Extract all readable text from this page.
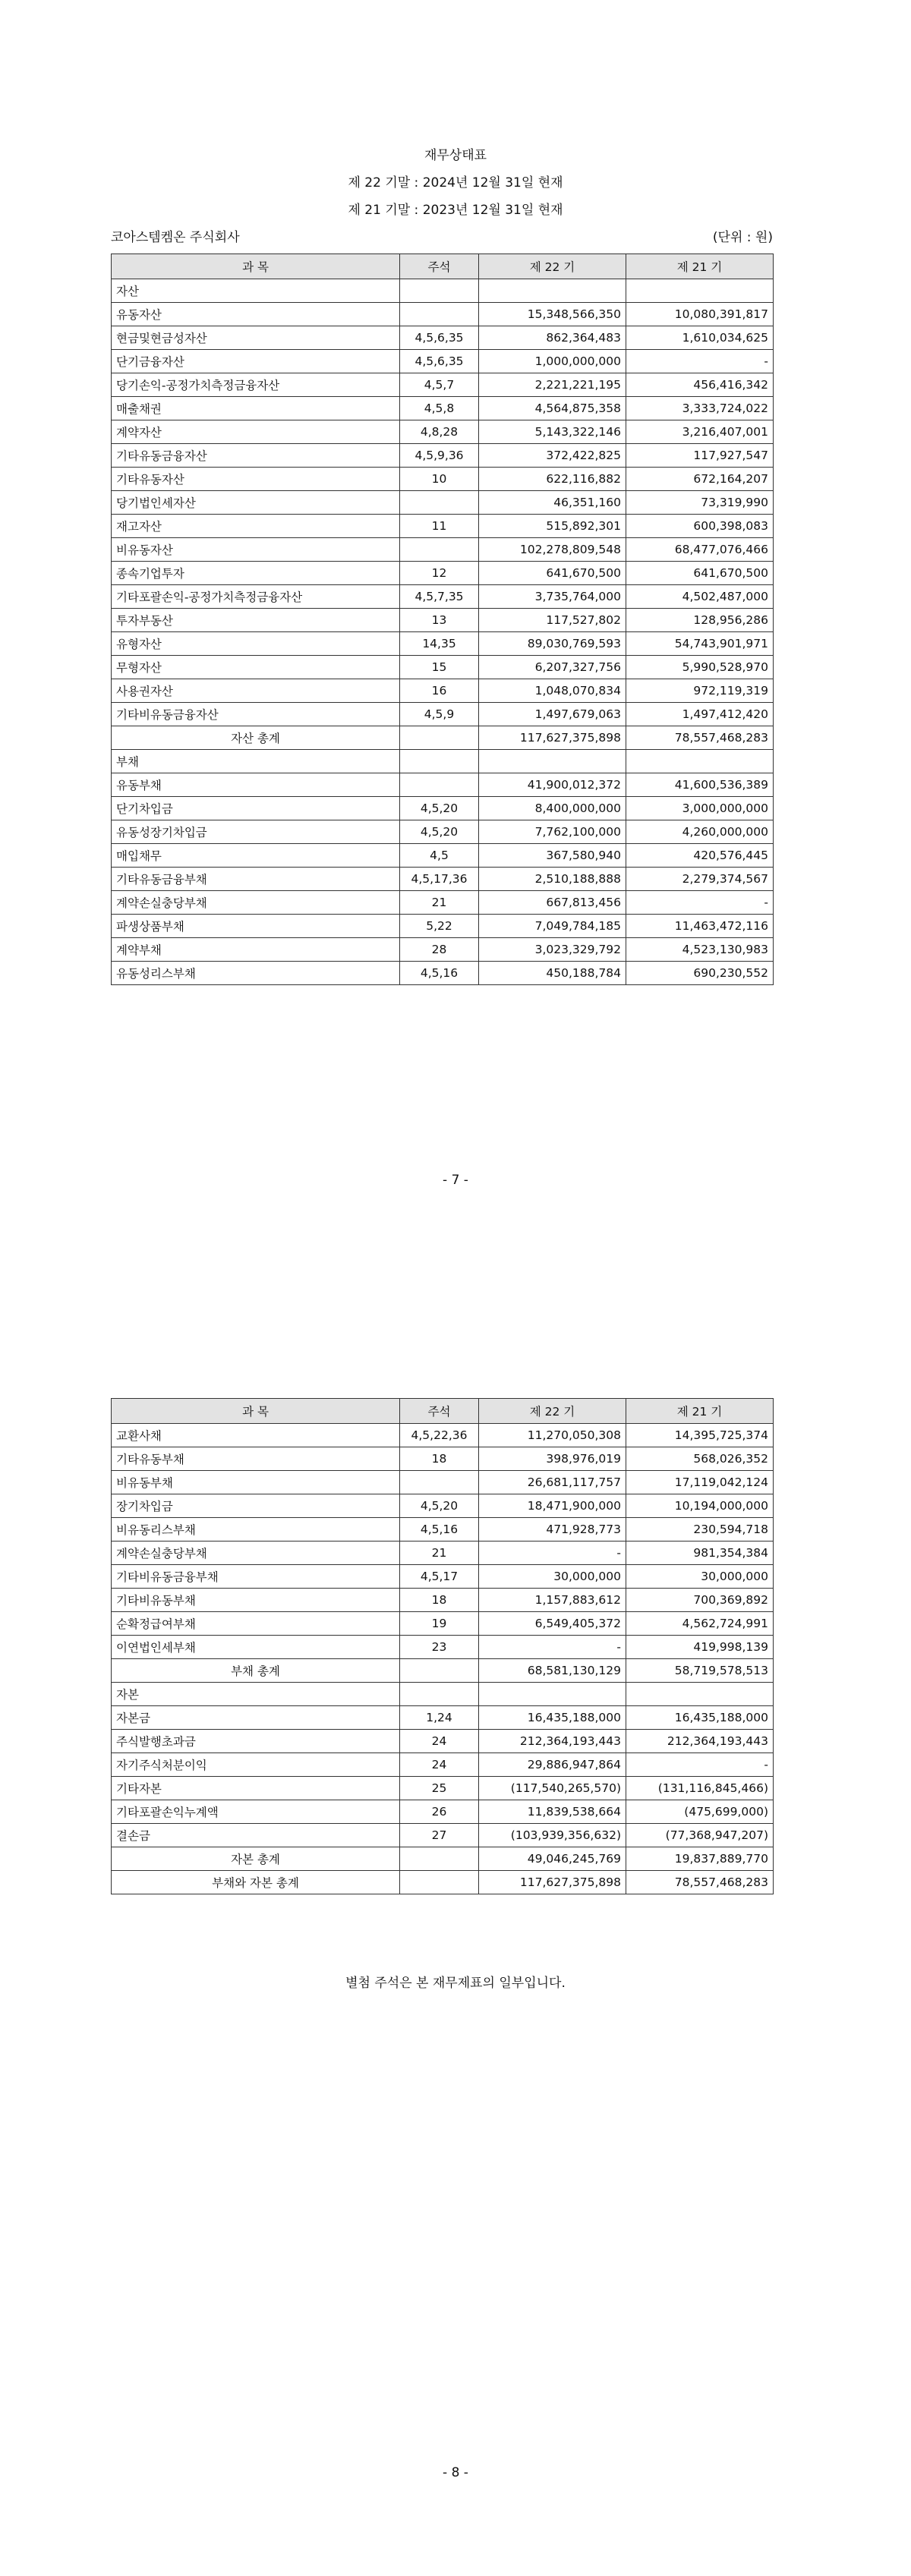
재무상태표
제 22 기말 : 2024년 12월 31일 현재
제 21 기말 : 2023년 12월 31일 현재
코아스템켐온 주식회사	(단위 : 원)
과 목	주석	제 22 기	제 21 기
자산			
유동자산		15,348,566,350	10,080,391,817
현금및현금성자산	4,5,6,35	862,364,483	1,610,034,625
단기금융자산	4,5,6,35	1,000,000,000	-
당기손익-공정가치측정금융자산	4,5,7	2,221,221,195	456,416,342
매출채권	4,5,8	4,564,875,358	3,333,724,022
계약자산	4,8,28	5,143,322,146	3,216,407,001
기타유동금융자산	4,5,9,36	372,422,825	117,927,547
기타유동자산	10	622,116,882	672,164,207
당기법인세자산		46,351,160	73,319,990
재고자산	11	515,892,301	600,398,083
비유동자산		102,278,809,548	68,477,076,466
종속기업투자	12	641,670,500	641,670,500
기타포괄손익-공정가치측정금융자산	4,5,7,35	3,735,764,000	4,502,487,000
투자부동산	13	117,527,802	128,956,286
유형자산	14,35	89,030,769,593	54,743,901,971
무형자산	15	6,207,327,756	5,990,528,970
사용권자산	16	1,048,070,834	972,119,319
기타비유동금융자산	4,5,9	1,497,679,063	1,497,412,420
자산 총계		117,627,375,898	78,557,468,283
부채			
유동부채		41,900,012,372	41,600,536,389
단기차입금	4,5,20	8,400,000,000	3,000,000,000
유동성장기차입금	4,5,20	7,762,100,000	4,260,000,000
매입채무	4,5	367,580,940	420,576,445
기타유동금융부채	4,5,17,36	2,510,188,888	2,279,374,567
계약손실충당부채	21	667,813,456	-
파생상품부채	5,22	7,049,784,185	11,463,472,116
계약부채	28	3,023,329,792	4,523,130,983
유동성리스부채	4,5,16	450,188,784	690,230,552
- 7 -
과 목	주석	제 22 기	제 21 기
교환사채	4,5,22,36	11,270,050,308	14,395,725,374
기타유동부채	18	398,976,019	568,026,352
비유동부채		26,681,117,757	17,119,042,124
장기차입금	4,5,20	18,471,900,000	10,194,000,000
비유동리스부채	4,5,16	471,928,773	230,594,718
계약손실충당부채	21	-	981,354,384
기타비유동금융부채	4,5,17	30,000,000	30,000,000
기타비유동부채	18	1,157,883,612	700,369,892
순확정급여부채	19	6,549,405,372	4,562,724,991
이연법인세부채	23	-	419,998,139
부채 총계		68,581,130,129	58,719,578,513
자본			
자본금	1,24	16,435,188,000	16,435,188,000
주식발행초과금	24	212,364,193,443	212,364,193,443
자기주식처분이익	24	29,886,947,864	-
기타자본	25	(117,540,265,570)	(131,116,845,466)
기타포괄손익누계액	26	11,839,538,664	(475,699,000)
결손금	27	(103,939,356,632)	(77,368,947,207)
자본 총계		49,046,245,769	19,837,889,770
부채와 자본 총계		117,627,375,898	78,557,468,283
별첨 주석은 본 재무제표의 일부입니다.
- 8 -
